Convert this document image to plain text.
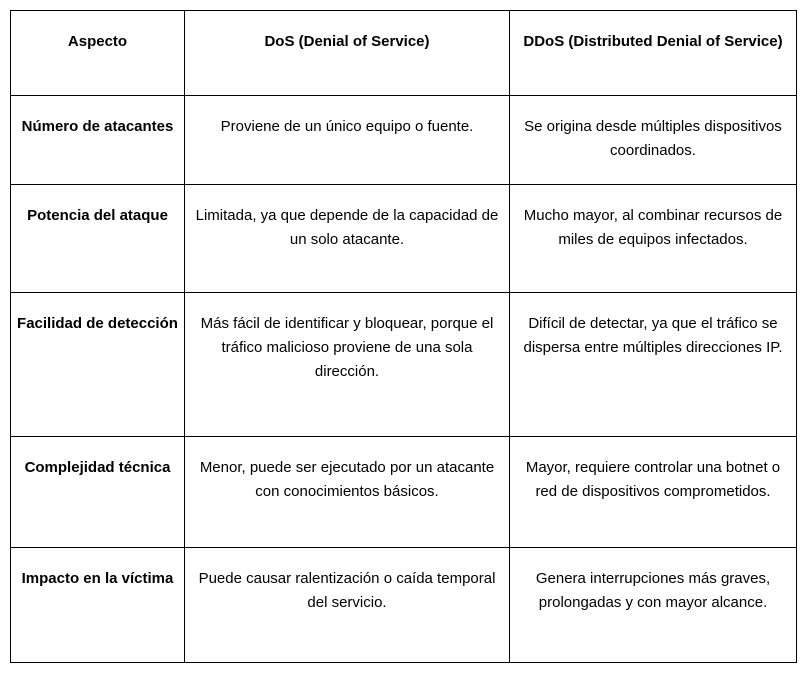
Aspecto	DoS (Denial of Service)	DDoS (Distributed Denial of Service)
Número de atacantes	Proviene de un único equipo o fuente.	Se origina desde múltiples dispositivos coordinados.
Potencia del ataque	Limitada, ya que depende de la capacidad de un solo atacante.	Mucho mayor, al combinar recursos de miles de equipos infectados.
Facilidad de detección	Más fácil de identificar y bloquear, porque el tráfico malicioso proviene de una sola dirección.	Difícil de detectar, ya que el tráfico se dispersa entre múltiples direcciones IP.
Complejidad técnica	Menor, puede ser ejecutado por un atacante con conocimientos básicos.	Mayor, requiere controlar una botnet o red de dispositivos comprometidos.
Impacto en la víctima	Puede causar ralentización o caída temporal del servicio.	Genera interrupciones más graves, prolongadas y con mayor alcance.
